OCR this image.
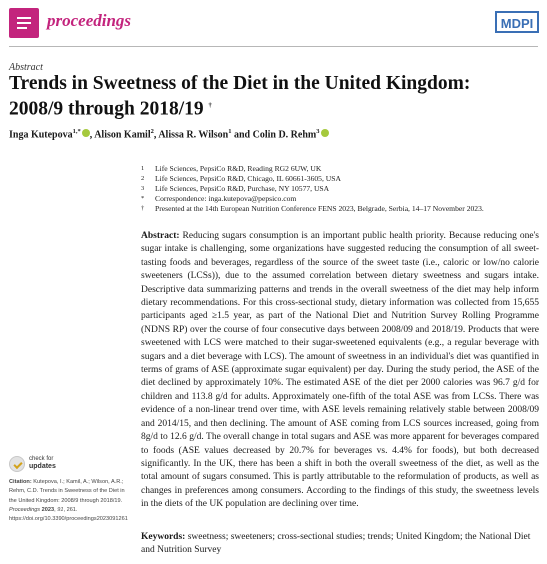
proceedings	MDPI
Abstract
Trends in Sweetness of the Diet in the United Kingdom: 2008/9 through 2018/19 †
Inga Kutepova$^{1,*}$ , Alison Kamil$^2$, Alissa R. Wilson$^1$ and Colin D. Rehm$^3$
1	Life Sciences, PepsiCo R&D, Reading RG2 6UW, UK
2	Life Sciences, PepsiCo R&D, Chicago, IL 60661-3605, USA
3	Life Sciences, PepsiCo R&D, Purchase, NY 10577, USA
*	Correspondence: inga.kutepova@pepsico.com
†	Presented at the 14th European Nutrition Conference FENS 2023, Belgrade, Serbia, 14–17 November 2023.

Abstract: Reducing sugars consumption is an important public health priority. Because reducing one's sugar intake is challenging, some organizations have suggested reducing the consumption of all sweet-tasting foods and beverages, regardless of the source of the sweet taste (i.e., caloric or low/no calorie sweeteners (LCSs)), due to the assumed correlation between dietary sweetness and sugars intake. Descriptive data summarizing patterns and trends in the overall sweetness of the diet may help inform dietary recommendations. For this cross-sectional study, dietary information was collected from 15,655 participants aged ≥1.5 year, as part of the National Diet and Nutrition Survey Rolling Programme (NDNS RP) over the course of four consecutive days between 2008/09 and 2018/19. Products that were sweetened with LCS were matched to their sugar-sweetened equivalents (e.g., a regular beverage with sugars and a diet beverage with LCS). The amount of sweetness in an individual's diet was quantified in terms of grams of ASE (approximate sugar equivalent) per day. During the study period, the ASE of the diet declined by approximately 10%. The estimated ASE of the diet per 2000 calories was 96.7 g/d for children and 113.8 g/d for adults. Approximately one-fifth of the total ASE was from LCSs. There was evidence of a non-linear trend over time, with ASE levels remaining relatively stable between 2008/09 and 2014/15, and then declining. The amount of ASE coming from LCS sources increased, going from 8g/d to 12.6 g/d. The overall change in total sugars and ASE was more apparent for beverages compared to foods (ASE values decreased by 20.7% for beverages vs. 4.4% for foods), but both decreased significantly. In the UK, there has been a shift in both the overall sweetness of the diet, as well as the total amount of sugars consumed. This is partly attributable to the reformulation of products, as well as changes in preferences among consumers. According to the findings of this study, the sweetness levels in the diets of the UK population are declining over time.

Keywords: sweetness; sweeteners; cross-sectional studies; trends; United Kingdom; the National Diet and Nutrition Survey

check for
updates

Citation: Kutepova, I.; Kamil, A.; Wilson, A.R.; Rehm, C.D. Trends in Sweetness of the Diet in the United Kingdom: 2008/9 through 2018/19. Proceedings 2023, 91, 261. https://doi.org/10.3390/proceedings2023091261
